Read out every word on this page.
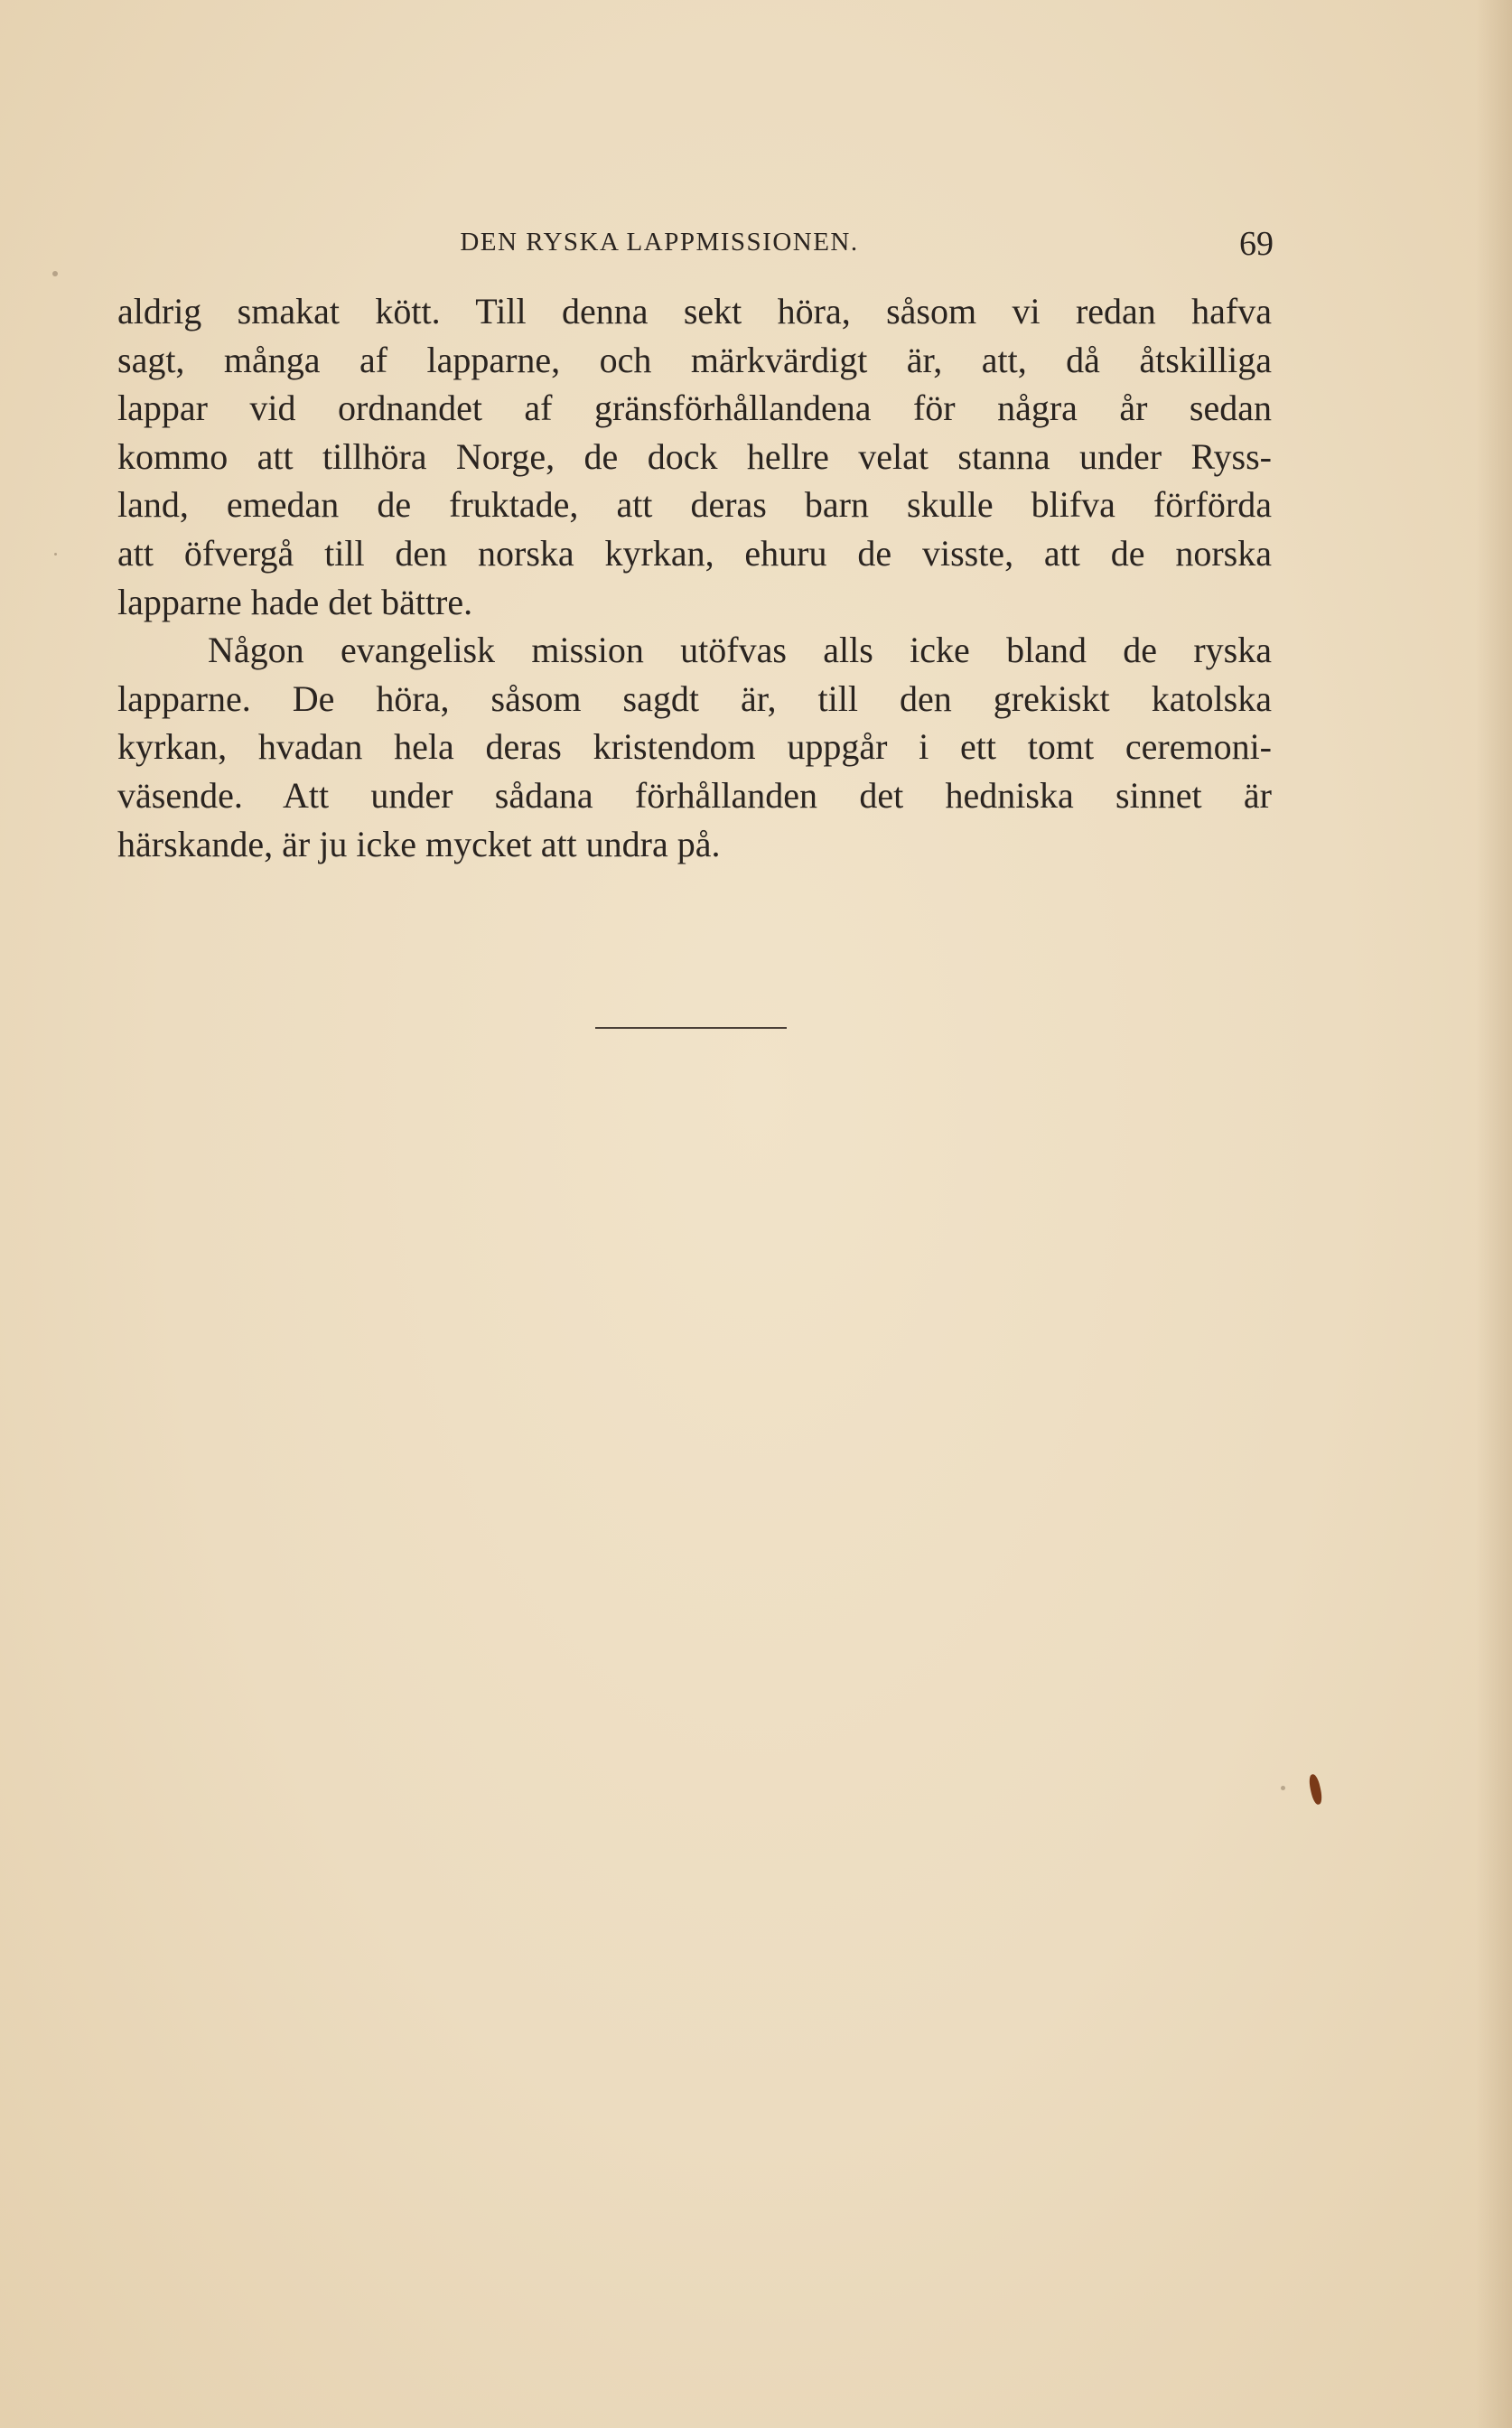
DEN RYSKA LAPPMISSIONEN.	69
aldrig smakat kött. Till denna sekt höra, såsom vi redan hafva
sagt, många af lapparne, och märkvärdigt är, att, då åtskilliga
lappar vid ordnandet af gränsförhållandena för några år sedan
kommo att tillhöra Norge, de dock hellre velat stanna under Ryss-
land, emedan de fruktade, att deras barn skulle blifva förförda
att öfvergå till den norska kyrkan, ehuru de visste, att de norska
lapparne hade det bättre.
Någon evangelisk mission utöfvas alls icke bland de ryska
lapparne. De höra, såsom sagdt är, till den grekiskt katolska
kyrkan, hvadan hela deras kristendom uppgår i ett tomt ceremoni-
väsende. Att under sådana förhållanden det hedniska sinnet är
härskande, är ju icke mycket att undra på.
